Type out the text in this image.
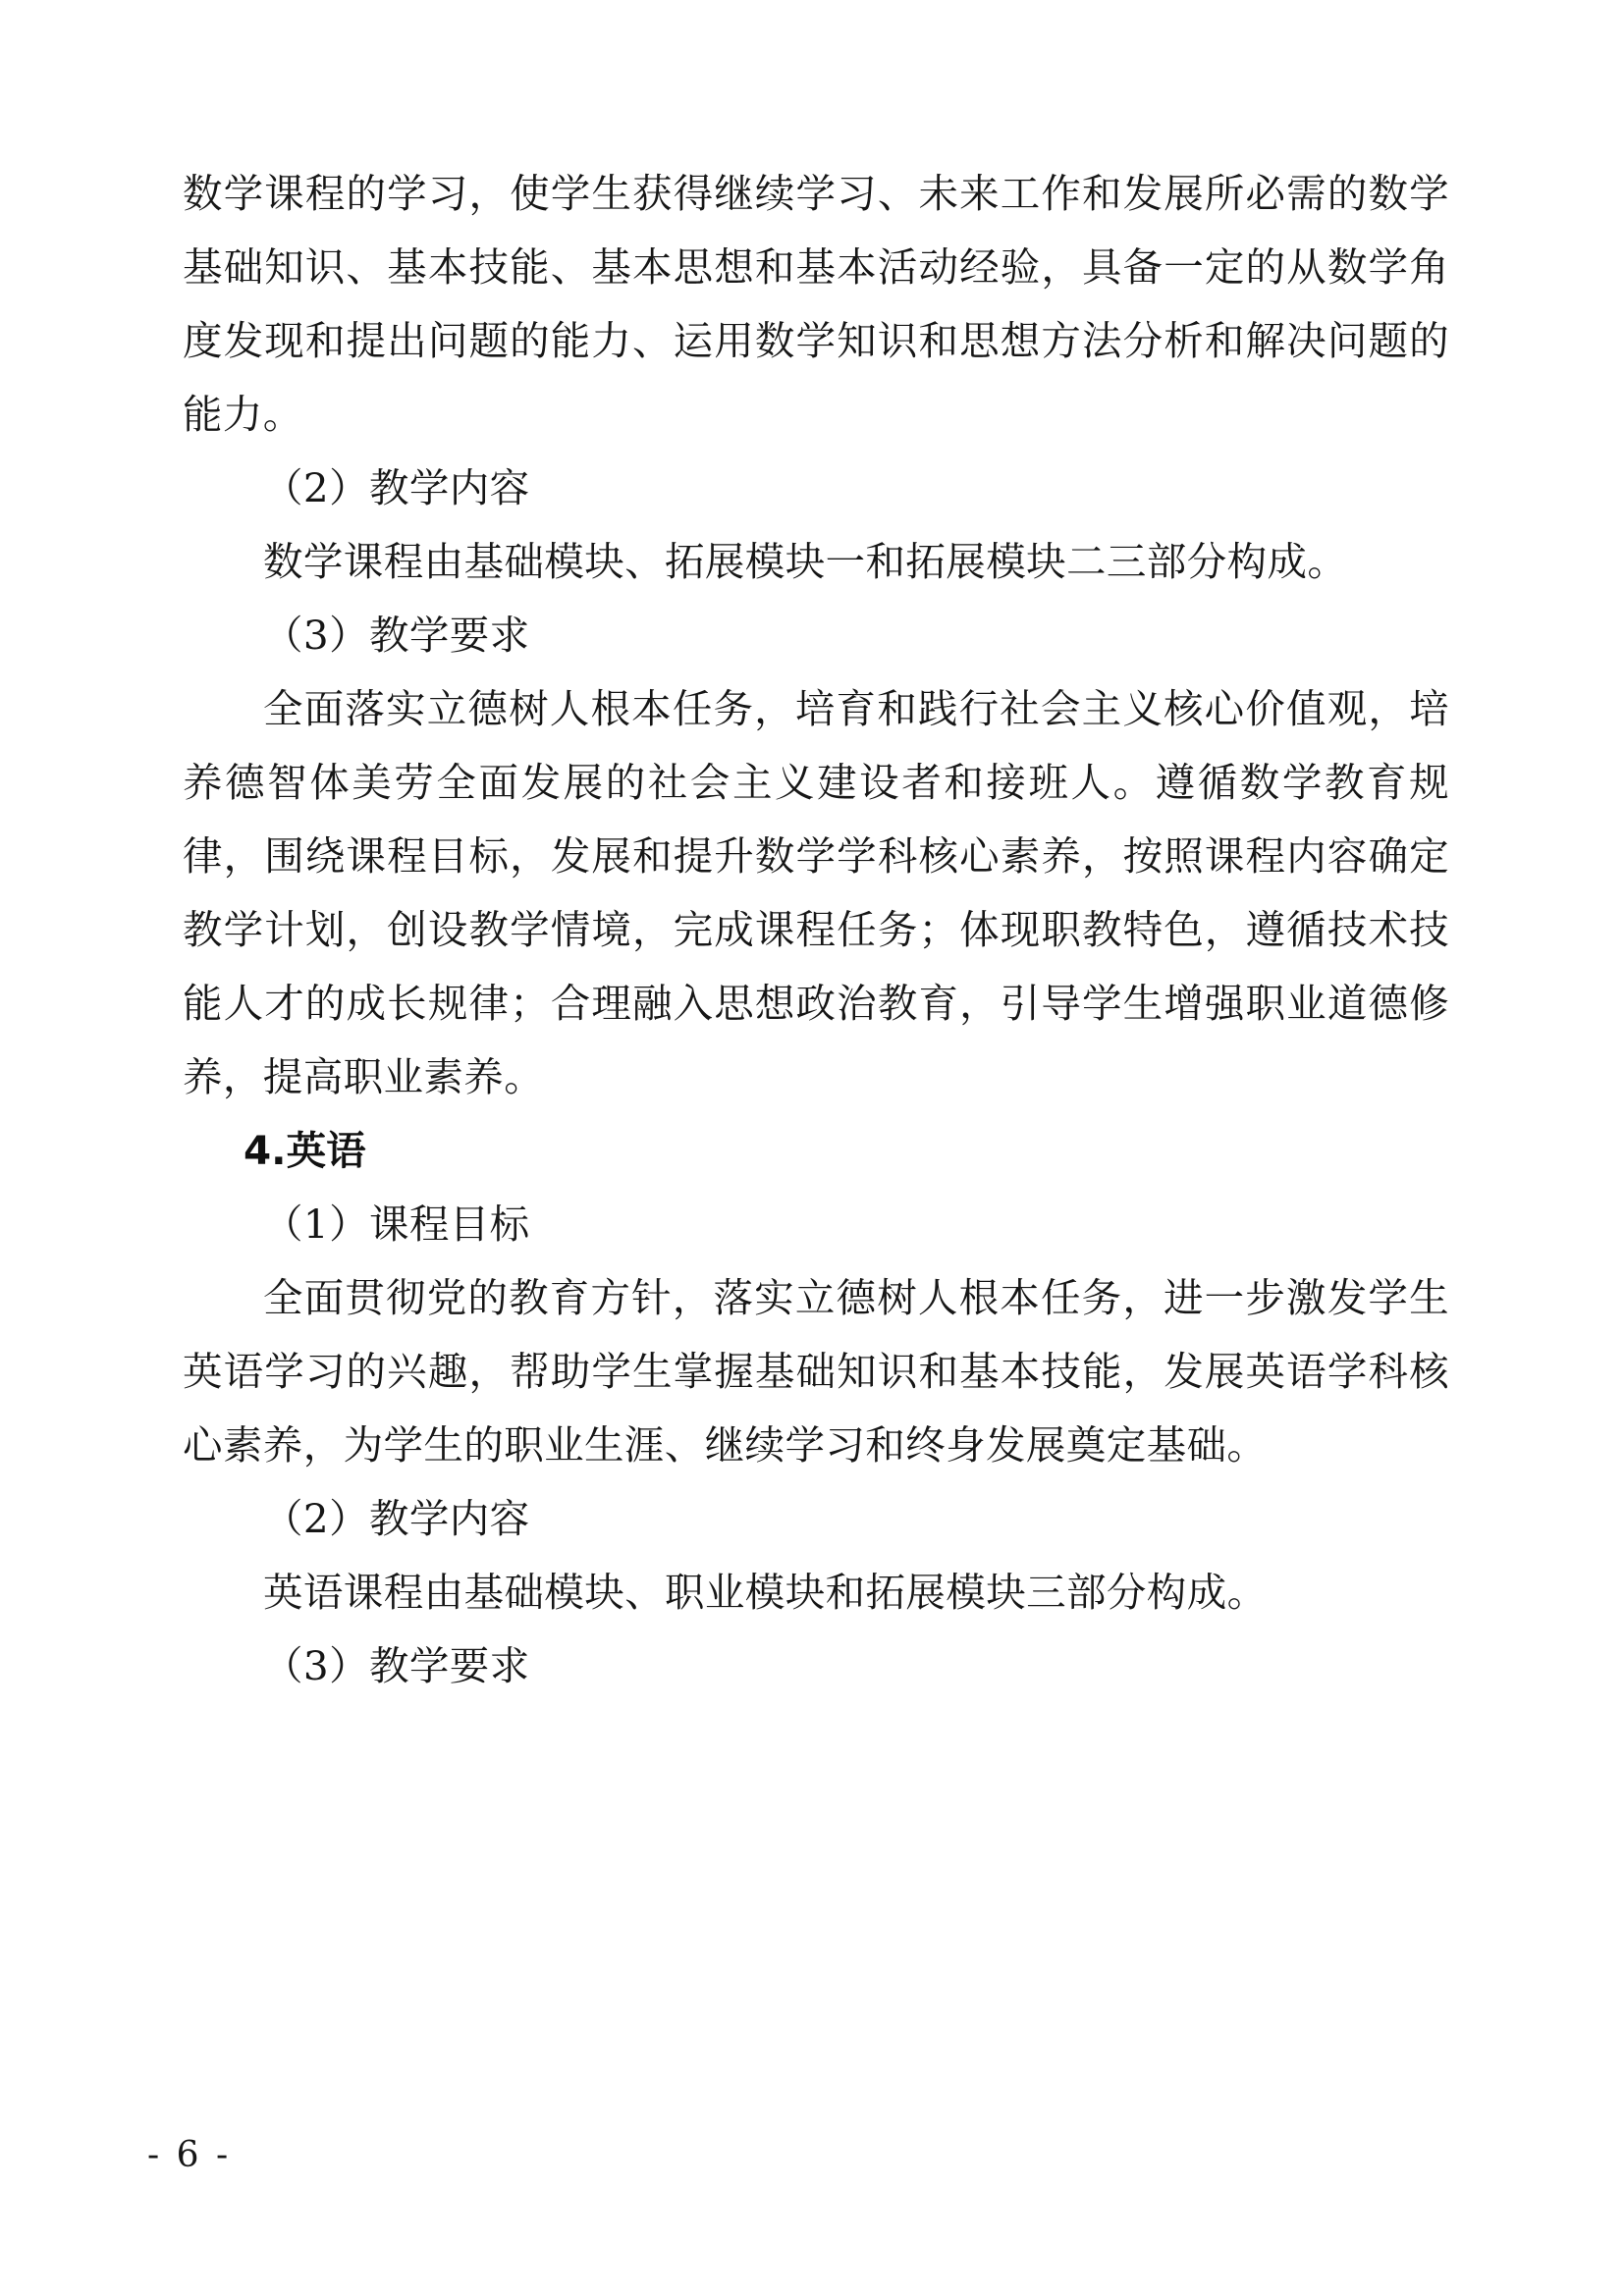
数学课程的学习，使学生获得继续学习、未来工作和发展所必需的数学基础知识、基本技能、基本思想和基本活动经验，具备一定的从数学角度发现和提出问题的能力、运用数学知识和思想方法分析和解决问题的能力。

（2）教学内容

数学课程由基础模块、拓展模块一和拓展模块二三部分构成。

（3）教学要求

全面落实立德树人根本任务，培育和践行社会主义核心价值观，培养德智体美劳全面发展的社会主义建设者和接班人。遵循数学教育规律，围绕课程目标，发展和提升数学学科核心素养，按照课程内容确定教学计划，创设教学情境，完成课程任务；体现职教特色，遵循技术技能人才的成长规律；合理融入思想政治教育，引导学生增强职业道德修养，提高职业素养。

4.英语

（1）课程目标

全面贯彻党的教育方针，落实立德树人根本任务，进一步激发学生英语学习的兴趣，帮助学生掌握基础知识和基本技能，发展英语学科核心素养，为学生的职业生涯、继续学习和终身发展奠定基础。

（2）教学内容

英语课程由基础模块、职业模块和拓展模块三部分构成。

（3）教学要求

- 6 -
